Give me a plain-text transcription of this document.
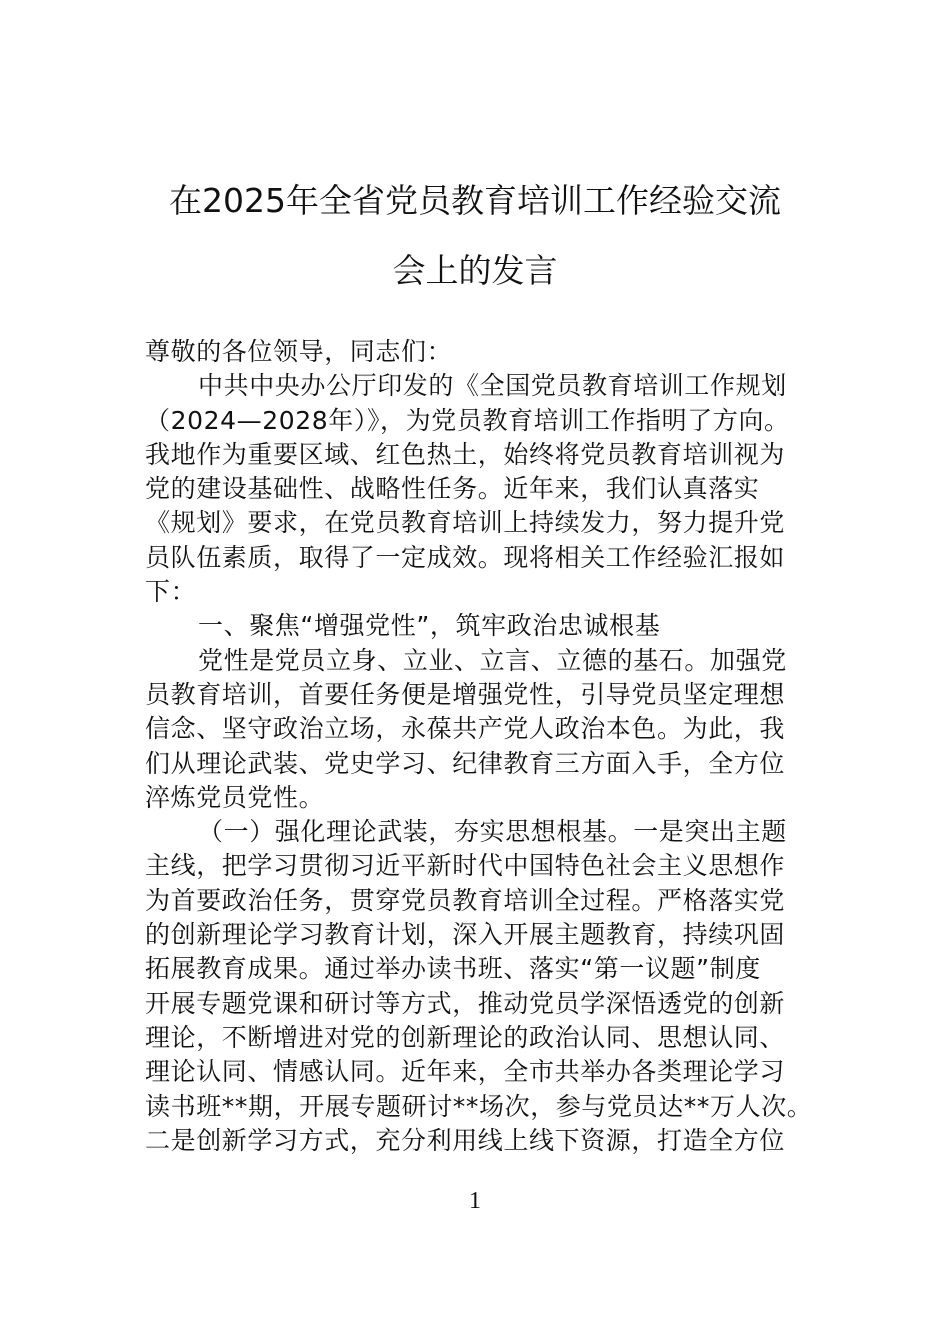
在2025年全省党员教育培训工作经验交流
会上的发言
尊敬的各位领导，同志们：
中共中央办公厅印发的《全国党员教育培训工作规划
（2024—2028年）》，为党员教育培训工作指明了方向。
我地作为重要区域、红色热土，始终将党员教育培训视为
党的建设基础性、战略性任务。近年来，我们认真落实
《规划》要求，在党员教育培训上持续发力，努力提升党
员队伍素质，取得了一定成效。现将相关工作经验汇报如
下：
一、聚焦“增强党性”，筑牢政治忠诚根基
党性是党员立身、立业、立言、立德的基石。加强党
员教育培训，首要任务便是增强党性，引导党员坚定理想
信念、坚守政治立场，永葆共产党人政治本色。为此，我
们从理论武装、党史学习、纪律教育三方面入手，全方位
淬炼党员党性。
（一）强化理论武装，夯实思想根基。一是突出主题
主线，把学习贯彻习近平新时代中国特色社会主义思想作
为首要政治任务，贯穿党员教育培训全过程。严格落实党
的创新理论学习教育计划，深入开展主题教育，持续巩固
拓展教育成果。通过举办读书班、落实“第一议题”制度
开展专题党课和研讨等方式，推动党员学深悟透党的创新
理论，不断增进对党的创新理论的政治认同、思想认同、
理论认同、情感认同。近年来，全市共举办各类理论学习
读书班**期，开展专题研讨**场次，参与党员达**万人次。
二是创新学习方式，充分利用线上线下资源，打造全方位
1
